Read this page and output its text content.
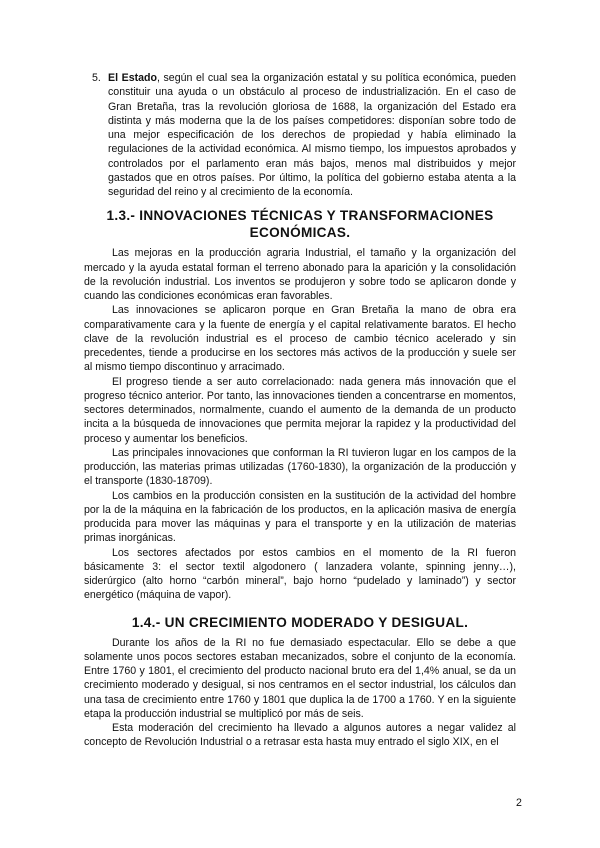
5. El Estado, según el cual sea la organización estatal y su política económica, pueden constituir una ayuda o un obstáculo al proceso de industrialización. En el caso de Gran Bretaña, tras la revolución gloriosa de 1688, la organización del Estado era distinta y más moderna que la de los países competidores: disponían sobre todo de una mejor especificación de los derechos de propiedad y había eliminado la regulaciones de la actividad económica. Al mismo tiempo, los impuestos aprobados y controlados por el parlamento eran más bajos, menos mal distribuidos y mejor gastados que en otros países. Por último, la política del gobierno estaba atenta a la seguridad del reino y al crecimiento de la economía.
1.3.- INNOVACIONES TÉCNICAS Y TRANSFORMACIONES ECONÓMICAS.

Las mejoras en la producción agraria Industrial, el tamaño y la organización del mercado y la ayuda estatal forman el terreno abonado para la aparición y la consolidación de la revolución industrial. Los inventos se produjeron y sobre todo se aplicaron donde y cuando las condiciones económicas eran favorables.

Las innovaciones se aplicaron porque en Gran Bretaña la mano de obra era comparativamente cara y la fuente de energía y el capital relativamente baratos. El hecho clave de la revolución industrial es el proceso de cambio técnico acelerado y sin precedentes, tiende a producirse en los sectores más activos de la producción y suele ser al mismo tiempo discontinuo y arracimado.

El progreso tiende a ser auto correlacionado: nada genera más innovación que el progreso técnico anterior. Por tanto, las innovaciones tienden a concentrarse en momentos, sectores determinados, normalmente, cuando el aumento de la demanda de un producto incita a la búsqueda de innovaciones que permita mejorar la rapidez y la productividad del proceso y aumentar los beneficios.

Las principales innovaciones que conforman la RI tuvieron lugar en los campos de la producción, las materias primas utilizadas (1760-1830), la organización de la producción y el transporte (1830-18709).

Los cambios en la producción consisten en la sustitución de la actividad del hombre por la de la máquina en la fabricación de los productos, en la aplicación masiva de energía producida para mover las máquinas y para el transporte y en la utilización de materias primas inorgánicas.

Los sectores afectados por estos cambios en el momento de la RI fueron básicamente 3: el sector textil algodonero ( lanzadera volante, spinning jenny…), siderúrgico (alto horno “carbón mineral”, bajo horno “pudelado y laminado”) y sector energético (máquina de vapor).

1.4.- UN CRECIMIENTO MODERADO Y DESIGUAL.

Durante los años de la RI no fue demasiado espectacular. Ello se debe a que solamente unos pocos sectores estaban mecanizados, sobre el conjunto de la economía. Entre 1760 y 1801, el crecimiento del producto nacional bruto era del 1,4% anual, se da un crecimiento moderado y desigual, si nos centramos en el sector industrial, los cálculos dan una tasa de crecimiento entre 1760 y 1801 que duplica la de 1700 a 1760. Y en la siguiente etapa la producción industrial se multiplicó por más de seis.

Esta moderación del crecimiento ha llevado a algunos autores a negar validez al concepto de Revolución Industrial o a retrasar esta hasta muy entrado el siglo XIX, en el

2
